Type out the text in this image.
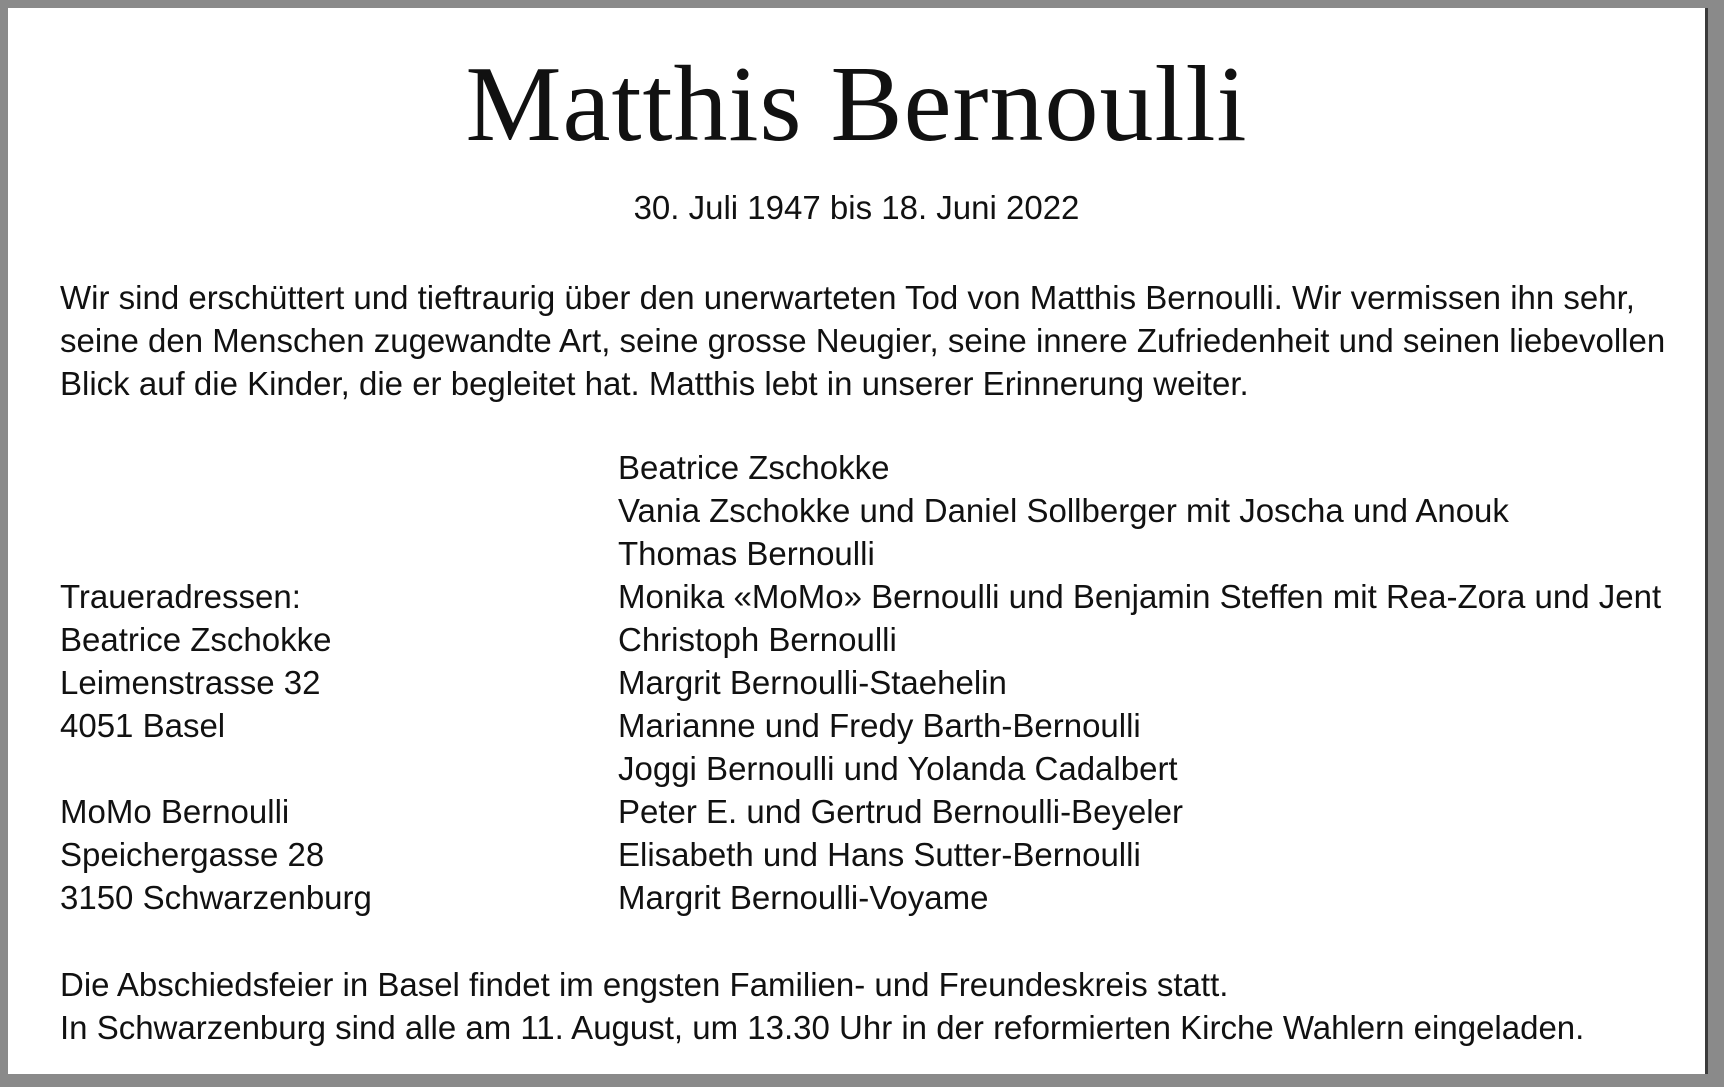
Matthis Bernoulli
30. Juli 1947 bis 18. Juni 2022
Wir sind erschüttert und tieftraurig über den unerwarteten Tod von Matthis Bernoulli. Wir vermissen ihn sehr,
seine den Menschen zugewandte Art, seine grosse Neugier, seine innere Zufriedenheit und seinen liebevollen
Blick auf die Kinder, die er begleitet hat. Matthis lebt in unserer Erinnerung weiter.
Traueradressen:
Beatrice Zschokke
Leimenstrasse 32
4051 Basel
MoMo Bernoulli
Speichergasse 28
3150 Schwarzenburg
Beatrice Zschokke
Vania Zschokke und Daniel Sollberger mit Joscha und Anouk
Thomas Bernoulli
Monika «MoMo» Bernoulli und Benjamin Steffen mit Rea-Zora und Jent
Christoph Bernoulli
Margrit Bernoulli-Staehelin
Marianne und Fredy Barth-Bernoulli
Joggi Bernoulli und Yolanda Cadalbert
Peter E. und Gertrud Bernoulli-Beyeler
Elisabeth und Hans Sutter-Bernoulli
Margrit Bernoulli-Voyame
Die Abschiedsfeier in Basel findet im engsten Familien- und Freundeskreis statt.
In Schwarzenburg sind alle am 11. August, um 13.30 Uhr in der reformierten Kirche Wahlern eingeladen.
